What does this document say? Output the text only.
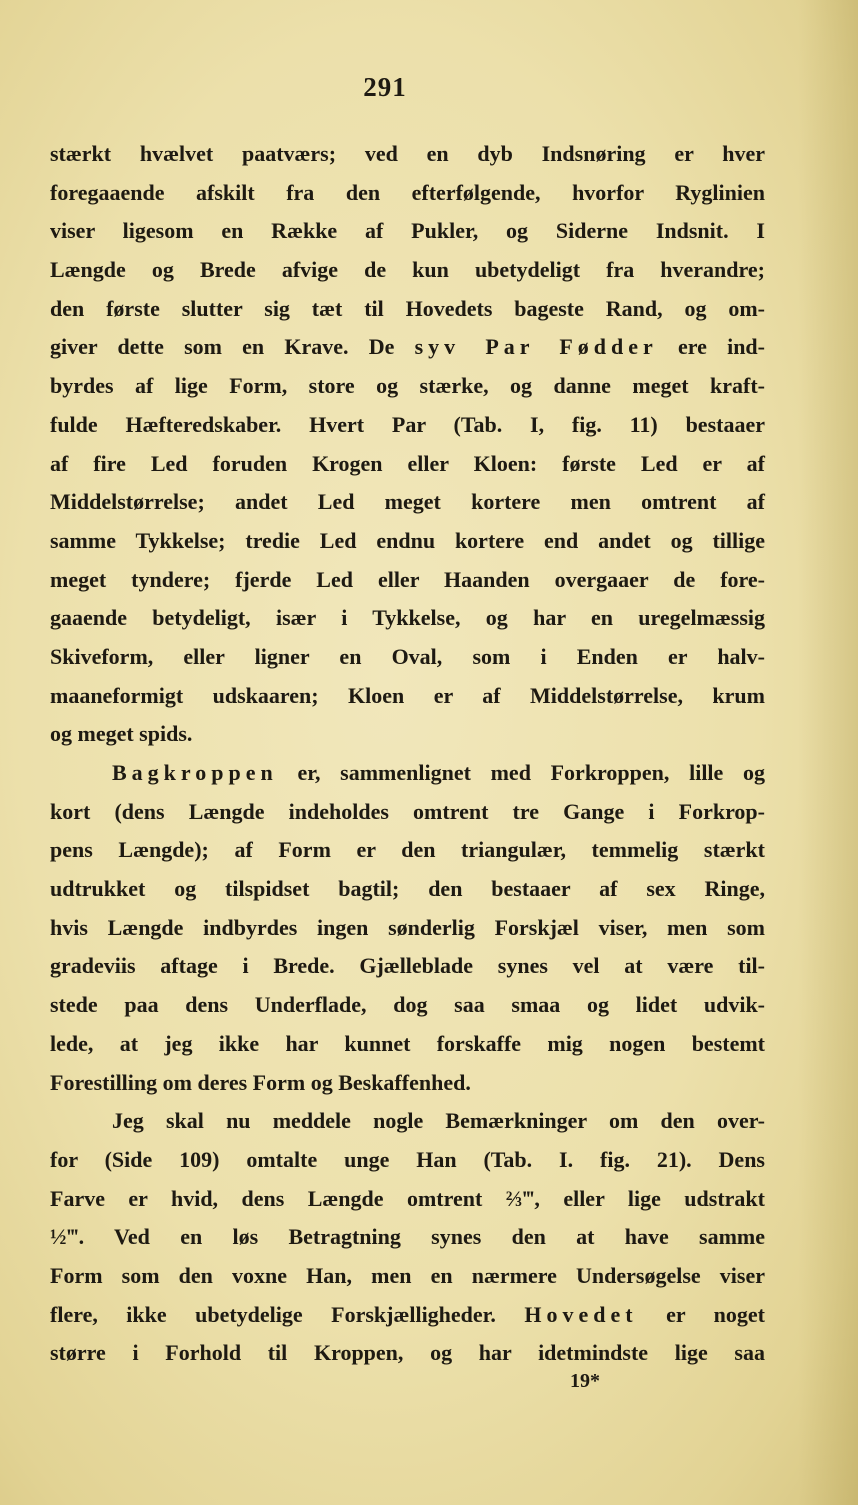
291
stærkt hvælvet paatværs; ved en dyb Indsnøring er hver
foregaaende afskilt fra den efterfølgende, hvorfor Ryglinien
viser ligesom en Række af Pukler, og Siderne Indsnit. I
Længde og Brede afvige de kun ubetydeligt fra hverandre;
den første slutter sig tæt til Hovedets bageste Rand, og om-
giver dette som en Krave. De syv Par Fødder ere ind-
byrdes af lige Form, store og stærke, og danne meget kraft-
fulde Hæfteredskaber. Hvert Par (Tab. I, fig. 11) bestaaer
af fire Led foruden Krogen eller Kloen: første Led er af
Middelstørrelse; andet Led meget kortere men omtrent af
samme Tykkelse; tredie Led endnu kortere end andet og tillige
meget tyndere; fjerde Led eller Haanden overgaaer de fore-
gaaende betydeligt, især i Tykkelse, og har en uregelmæssig
Skiveform, eller ligner en Oval, som i Enden er halv-
maaneformigt udskaaren; Kloen er af Middelstørrelse, krum
og meget spids.
Bagkroppen er, sammenlignet med Forkroppen, lille og
kort (dens Længde indeholdes omtrent tre Gange i Forkrop-
pens Længde); af Form er den triangulær, temmelig stærkt
udtrukket og tilspidset bagtil; den bestaaer af sex Ringe,
hvis Længde indbyrdes ingen sønderlig Forskjæl viser, men som
gradeviis aftage i Brede. Gjælleblade synes vel at være til-
stede paa dens Underflade, dog saa smaa og lidet udvik-
lede, at jeg ikke har kunnet forskaffe mig nogen bestemt
Forestilling om deres Form og Beskaffenhed.
Jeg skal nu meddele nogle Bemærkninger om den over-
for (Side 109) omtalte unge Han (Tab. I. fig. 21). Dens
Farve er hvid, dens Længde omtrent ⅔‴, eller lige udstrakt
½‴. Ved en løs Betragtning synes den at have samme
Form som den voxne Han, men en nærmere Undersøgelse viser
flere, ikke ubetydelige Forskjælligheder. Hovedet er noget
større i Forhold til Kroppen, og har idetmindste lige saa
19*
